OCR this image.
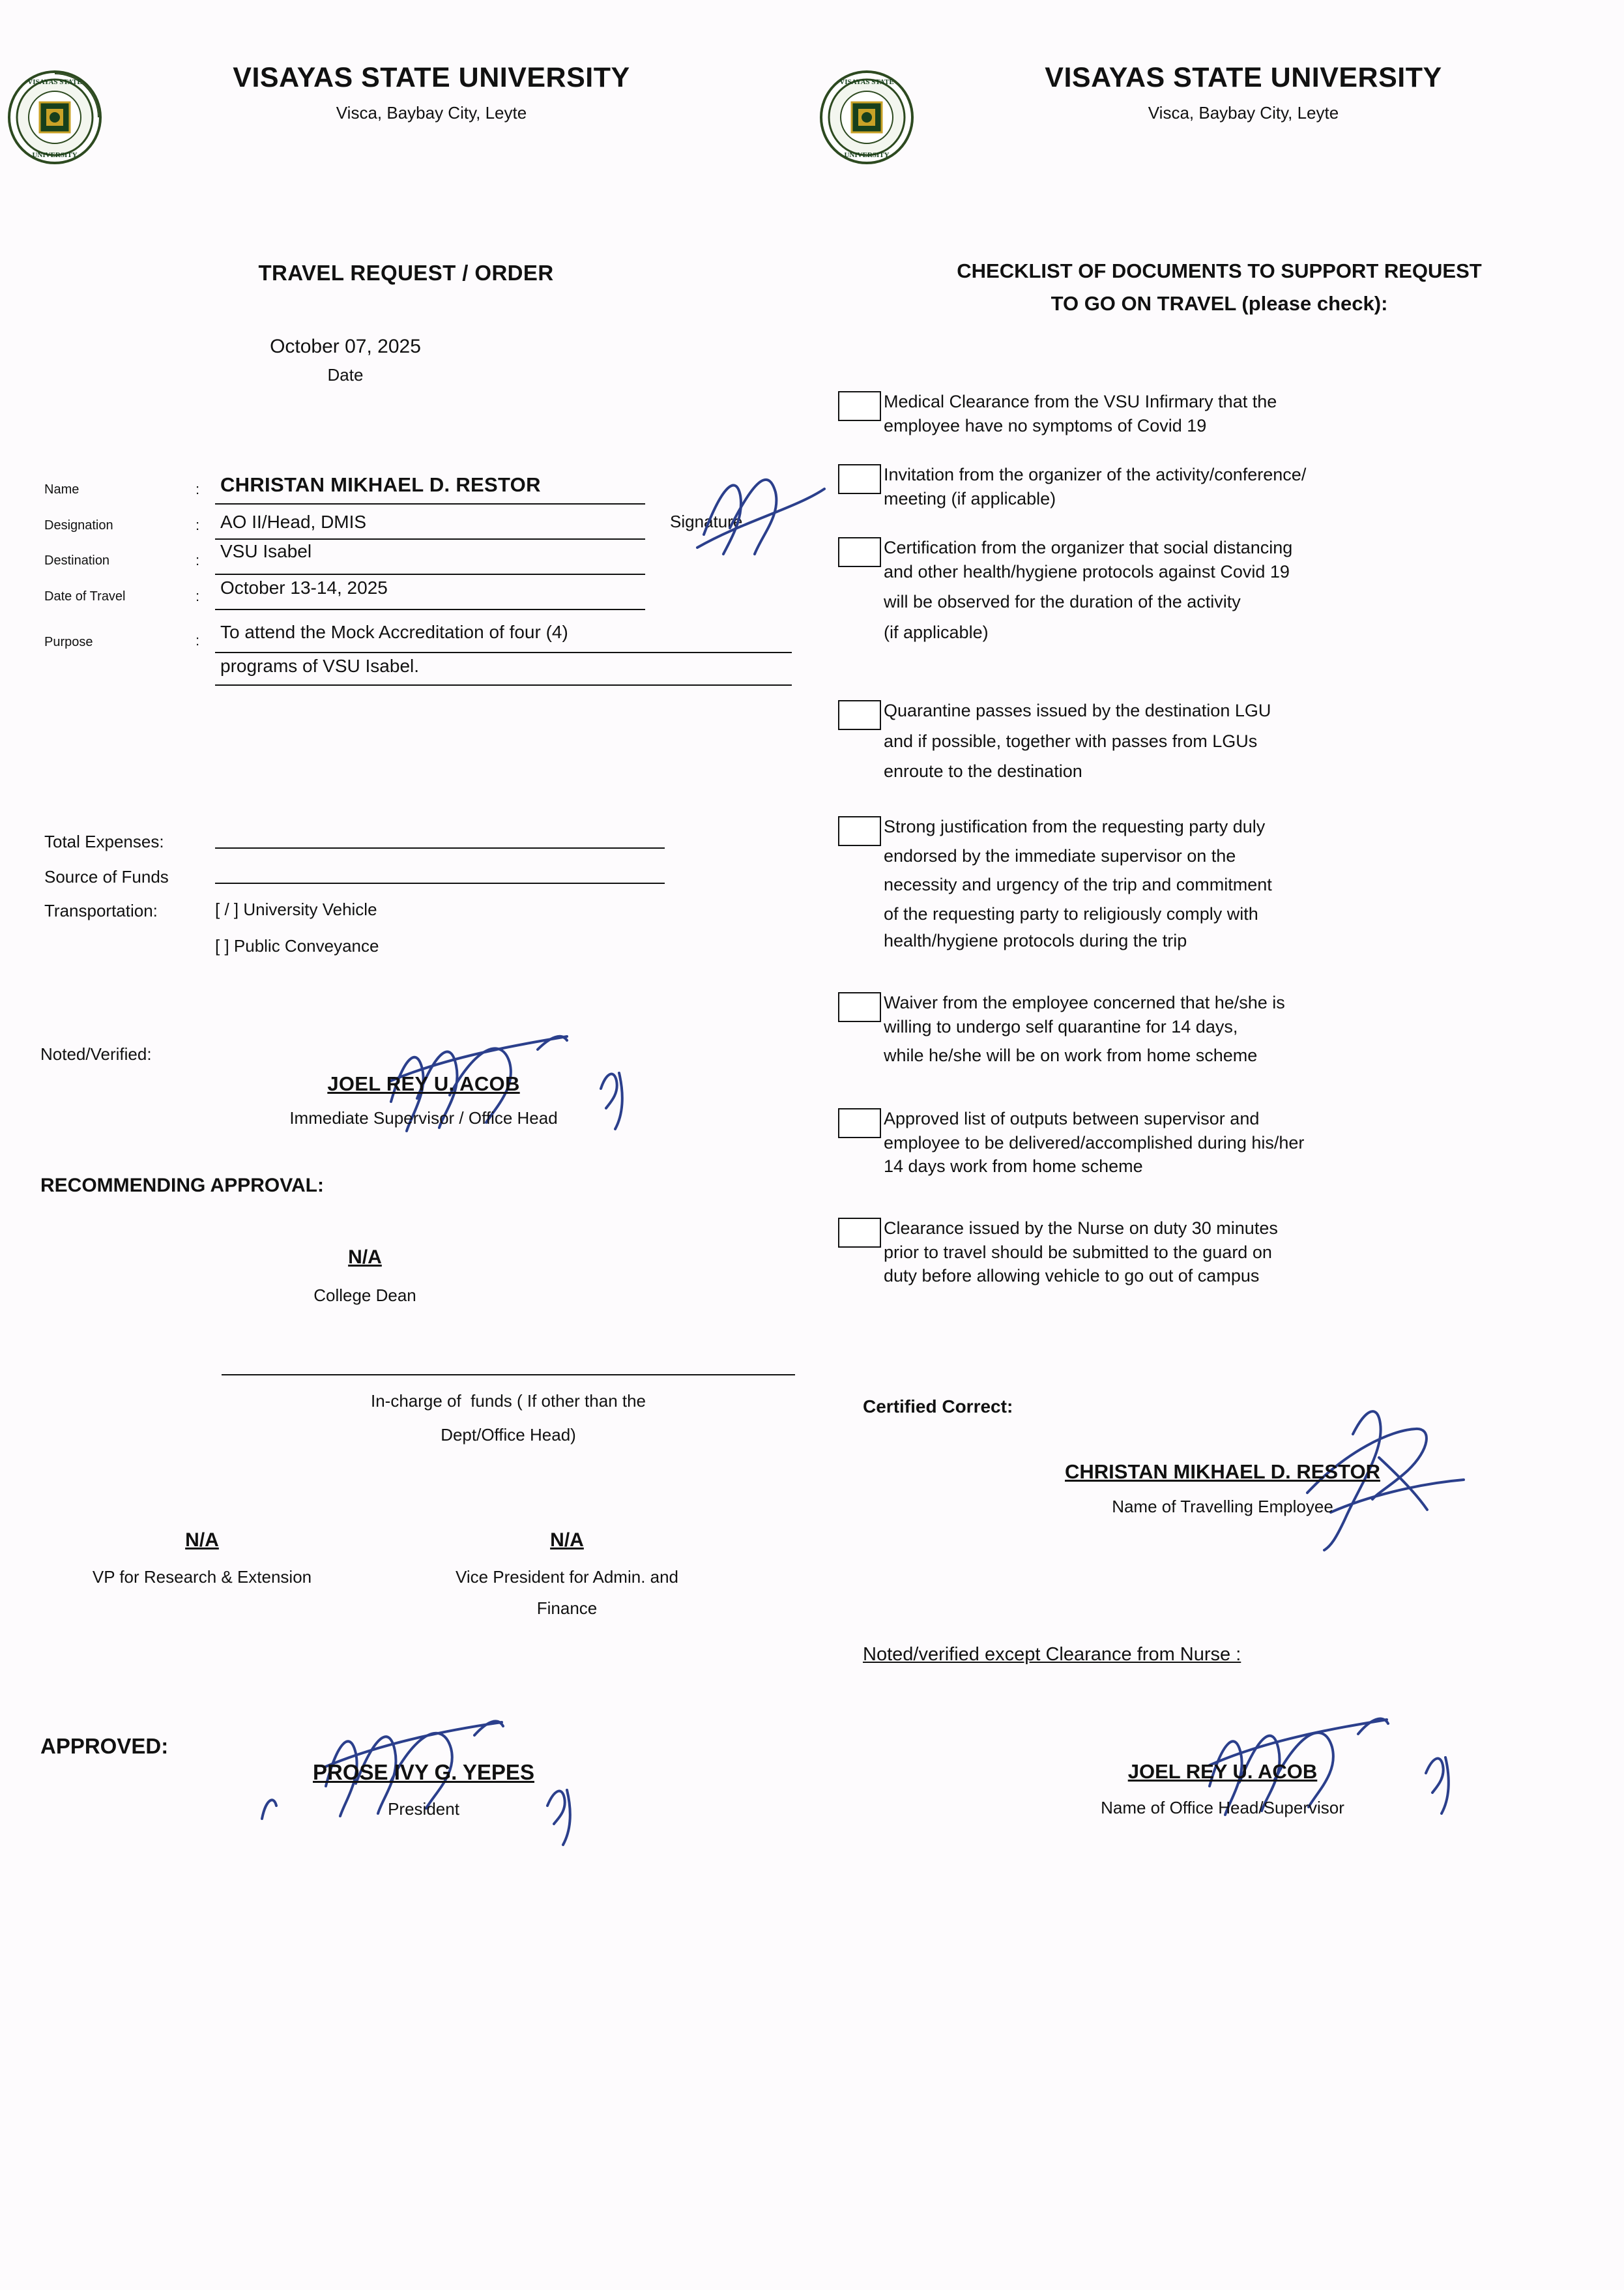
VISAYAS STATE
UNIVERSITY
VISAYAS STATE UNIVERSITY
Visca, Baybay City, Leyte
TRAVEL REQUEST / ORDER
October 07, 2025
Date
Name	: CHRISTAN MIKHAEL D. RESTOR
Designation	: AO II/Head, DMIS
Destination	: VSU Isabel
Date of Travel	: October 13-14, 2025
Purpose	: To attend the Mock Accreditation of four (4)
programs of VSU Isabel.
Signature
Total Expenses:
Source of Funds
Transportation:	[ / ] University Vehicle
[ ] Public Conveyance
Noted/Verified:
JOEL REY U. ACOB
Immediate Supervisor / Office Head
RECOMMENDING APPROVAL:
N/A
College Dean
In-charge of  funds ( If other than the
Dept/Office Head)
N/A
VP for Research & Extension
N/A
Vice President for Admin. and
Finance
APPROVED:
PROSE IVY G. YEPES
President
VISAYAS STATE
UNIVERSITY
VISAYAS STATE UNIVERSITY
Visca, Baybay City, Leyte
CHECKLIST OF DOCUMENTS TO SUPPORT REQUEST
TO GO ON TRAVEL (please check):
Medical Clearance from the VSU Infirmary that the
employee have no symptoms of Covid 19
Invitation from the organizer of the activity/conference/
meeting (if applicable)
Certification from the organizer that social distancing
and other health/hygiene protocols against Covid 19
will be observed for the duration of the activity
(if applicable)
Quarantine passes issued by the destination LGU
and if possible, together with passes from LGUs
enroute to the destination
Strong justification from the requesting party duly
endorsed by the immediate supervisor on the
necessity and urgency of the trip and commitment
of the requesting party to religiously comply with
health/hygiene protocols during the trip
Waiver from the employee concerned that he/she is
willing to undergo self quarantine for 14 days,
while he/she will be on work from home scheme
Approved list of outputs between supervisor and
employee to be delivered/accomplished during his/her
14 days work from home scheme
Clearance issued by the Nurse on duty 30 minutes
prior to travel should be submitted to the guard on
duty before allowing vehicle to go out of campus
Certified Correct:
CHRISTAN MIKHAEL D. RESTOR
Name of Travelling Employee
Noted/verified except Clearance from Nurse :
JOEL REY U. ACOB
Name of Office Head/Supervisor
